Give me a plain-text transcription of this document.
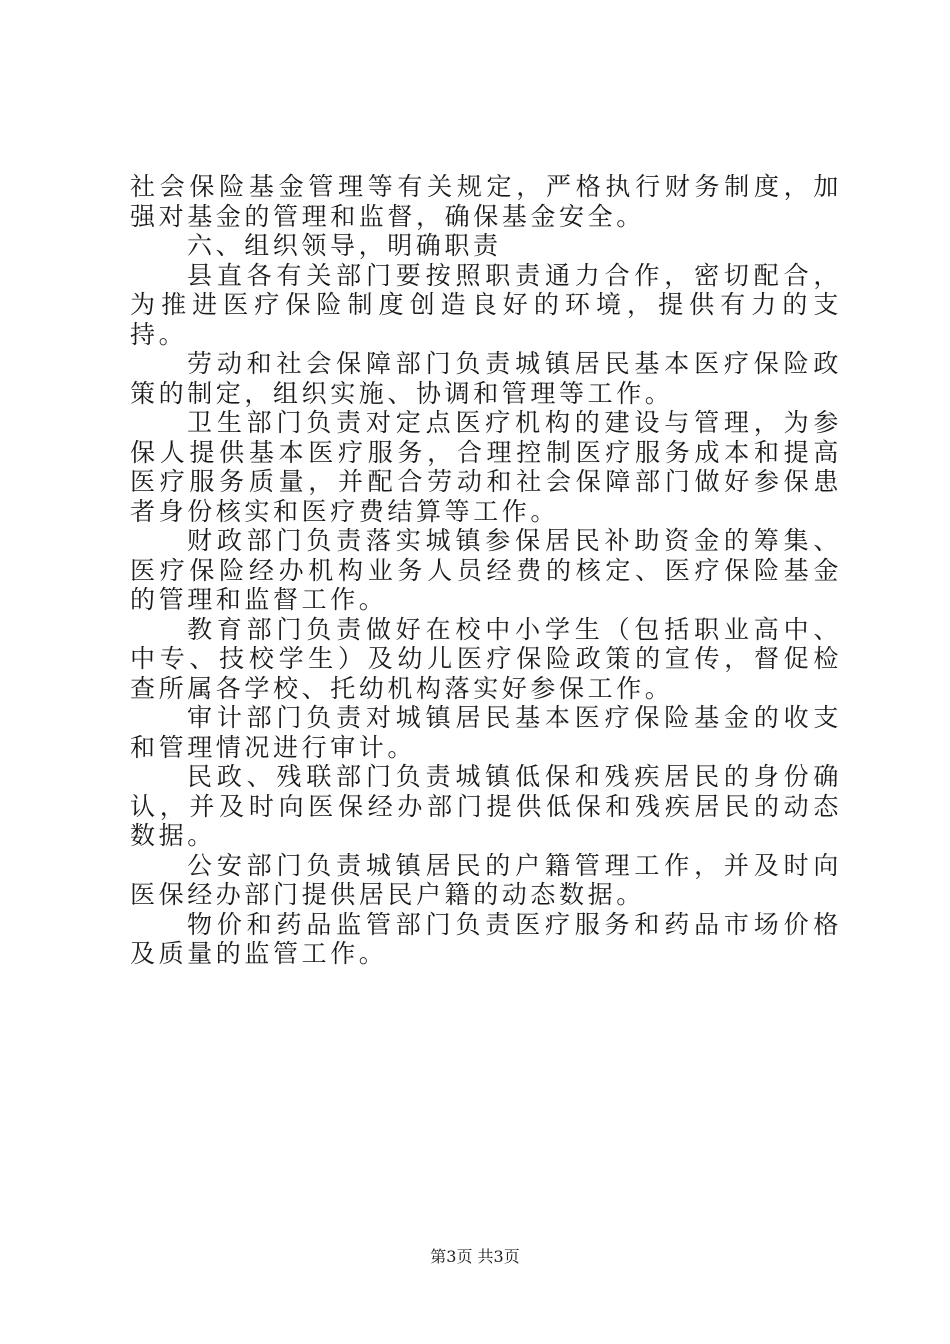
社会保险基金管理等有关规定，严格执行财务制度，加强对基金的管理和监督，确保基金安全。

六、组织领导，明确职责

县直各有关部门要按照职责通力合作，密切配合，为推进医疗保险制度创造良好的环境，提供有力的支持。

劳动和社会保障部门负责城镇居民基本医疗保险政策的制定，组织实施、协调和管理等工作。

卫生部门负责对定点医疗机构的建设与管理，为参保人提供基本医疗服务，合理控制医疗服务成本和提高医疗服务质量，并配合劳动和社会保障部门做好参保患者身份核实和医疗费结算等工作。

财政部门负责落实城镇参保居民补助资金的筹集、医疗保险经办机构业务人员经费的核定、医疗保险基金的管理和监督工作。

教育部门负责做好在校中小学生（包括职业高中、中专、技校学生）及幼儿医疗保险政策的宣传，督促检查所属各学校、托幼机构落实好参保工作。

审计部门负责对城镇居民基本医疗保险基金的收支和管理情况进行审计。

民政、残联部门负责城镇低保和残疾居民的身份确认，并及时向医保经办部门提供低保和残疾居民的动态数据。

公安部门负责城镇居民的户籍管理工作，并及时向医保经办部门提供居民户籍的动态数据。

物价和药品监管部门负责医疗服务和药品市场价格及质量的监管工作。

第3页 共3页
